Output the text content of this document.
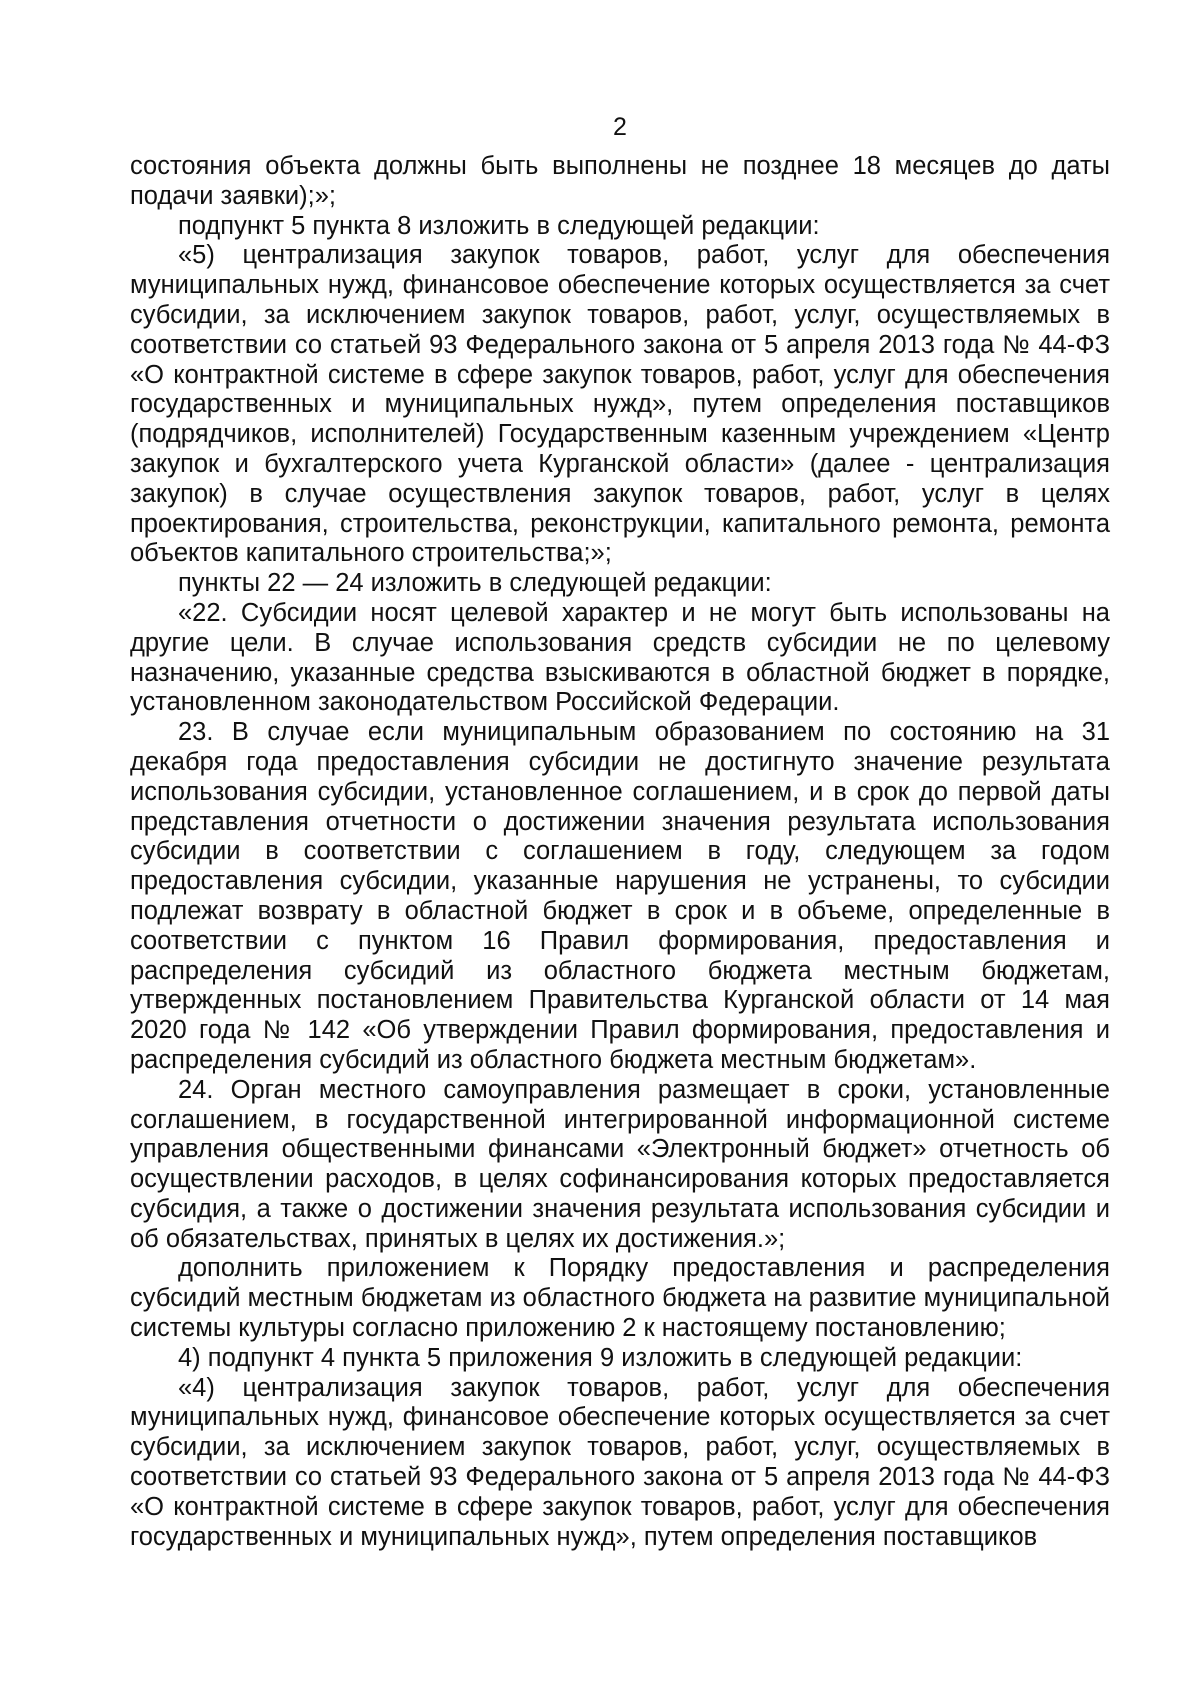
2

состояния объекта должны быть выполнены не позднее 18 месяцев до даты подачи заявки);»;

подпункт 5 пункта 8 изложить в следующей редакции:

«5) централизация закупок товаров, работ, услуг для обеспечения муниципальных нужд, финансовое обеспечение которых осуществляется за счет субсидии, за исключением закупок товаров, работ, услуг, осуществляемых в соответствии со статьей 93 Федерального закона от 5 апреля 2013 года № 44-ФЗ «О контрактной системе в сфере закупок товаров, работ, услуг для обеспечения государственных и муниципальных нужд», путем определения поставщиков (подрядчиков, исполнителей) Государственным казенным учреждением «Центр закупок и бухгалтерского учета Курганской области» (далее - централизация закупок) в случае осуществления закупок товаров, работ, услуг в целях проектирования, строительства, реконструкции, капитального ремонта, ремонта объектов капитального строительства;»;

пункты 22 — 24 изложить в следующей редакции:

«22. Субсидии носят целевой характер и не могут быть использованы на другие цели. В случае использования средств субсидии не по целевому назначению, указанные средства взыскиваются в областной бюджет в порядке, установленном законодательством Российской Федерации.

23. В случае если муниципальным образованием по состоянию на 31 декабря года предоставления субсидии не достигнуто значение результата использования субсидии, установленное соглашением, и в срок до первой даты представления отчетности о достижении значения результата использования субсидии в соответствии с соглашением в году, следующем за годом предоставления субсидии, указанные нарушения не устранены, то субсидии подлежат возврату в областной бюджет в срок и в объеме, определенные в соответствии с пунктом 16 Правил формирования, предоставления и распределения субсидий из областного бюджета местным бюджетам, утвержденных постановлением Правительства Курганской области от 14 мая 2020 года № 142 «Об утверждении Правил формирования, предоставления и распределения субсидий из областного бюджета местным бюджетам».

24. Орган местного самоуправления размещает в сроки, установленные соглашением, в государственной интегрированной информационной системе управления общественными финансами «Электронный бюджет» отчетность об осуществлении расходов, в целях софинансирования которых предоставляется субсидия, а также о достижении значения результата использования субсидии и об обязательствах, принятых в целях их достижения.»;

дополнить приложением к Порядку предоставления и распределения субсидий местным бюджетам из областного бюджета на развитие муниципальной системы культуры согласно приложению 2 к настоящему постановлению;

4) подпункт 4 пункта 5 приложения 9 изложить в следующей редакции:

«4) централизация закупок товаров, работ, услуг для обеспечения муниципальных нужд, финансовое обеспечение которых осуществляется за счет субсидии, за исключением закупок товаров, работ, услуг, осуществляемых в соответствии со статьей 93 Федерального закона от 5 апреля 2013 года № 44-ФЗ «О контрактной системе в сфере закупок товаров, работ, услуг для обеспечения государственных и муниципальных нужд», путем определения поставщиков
